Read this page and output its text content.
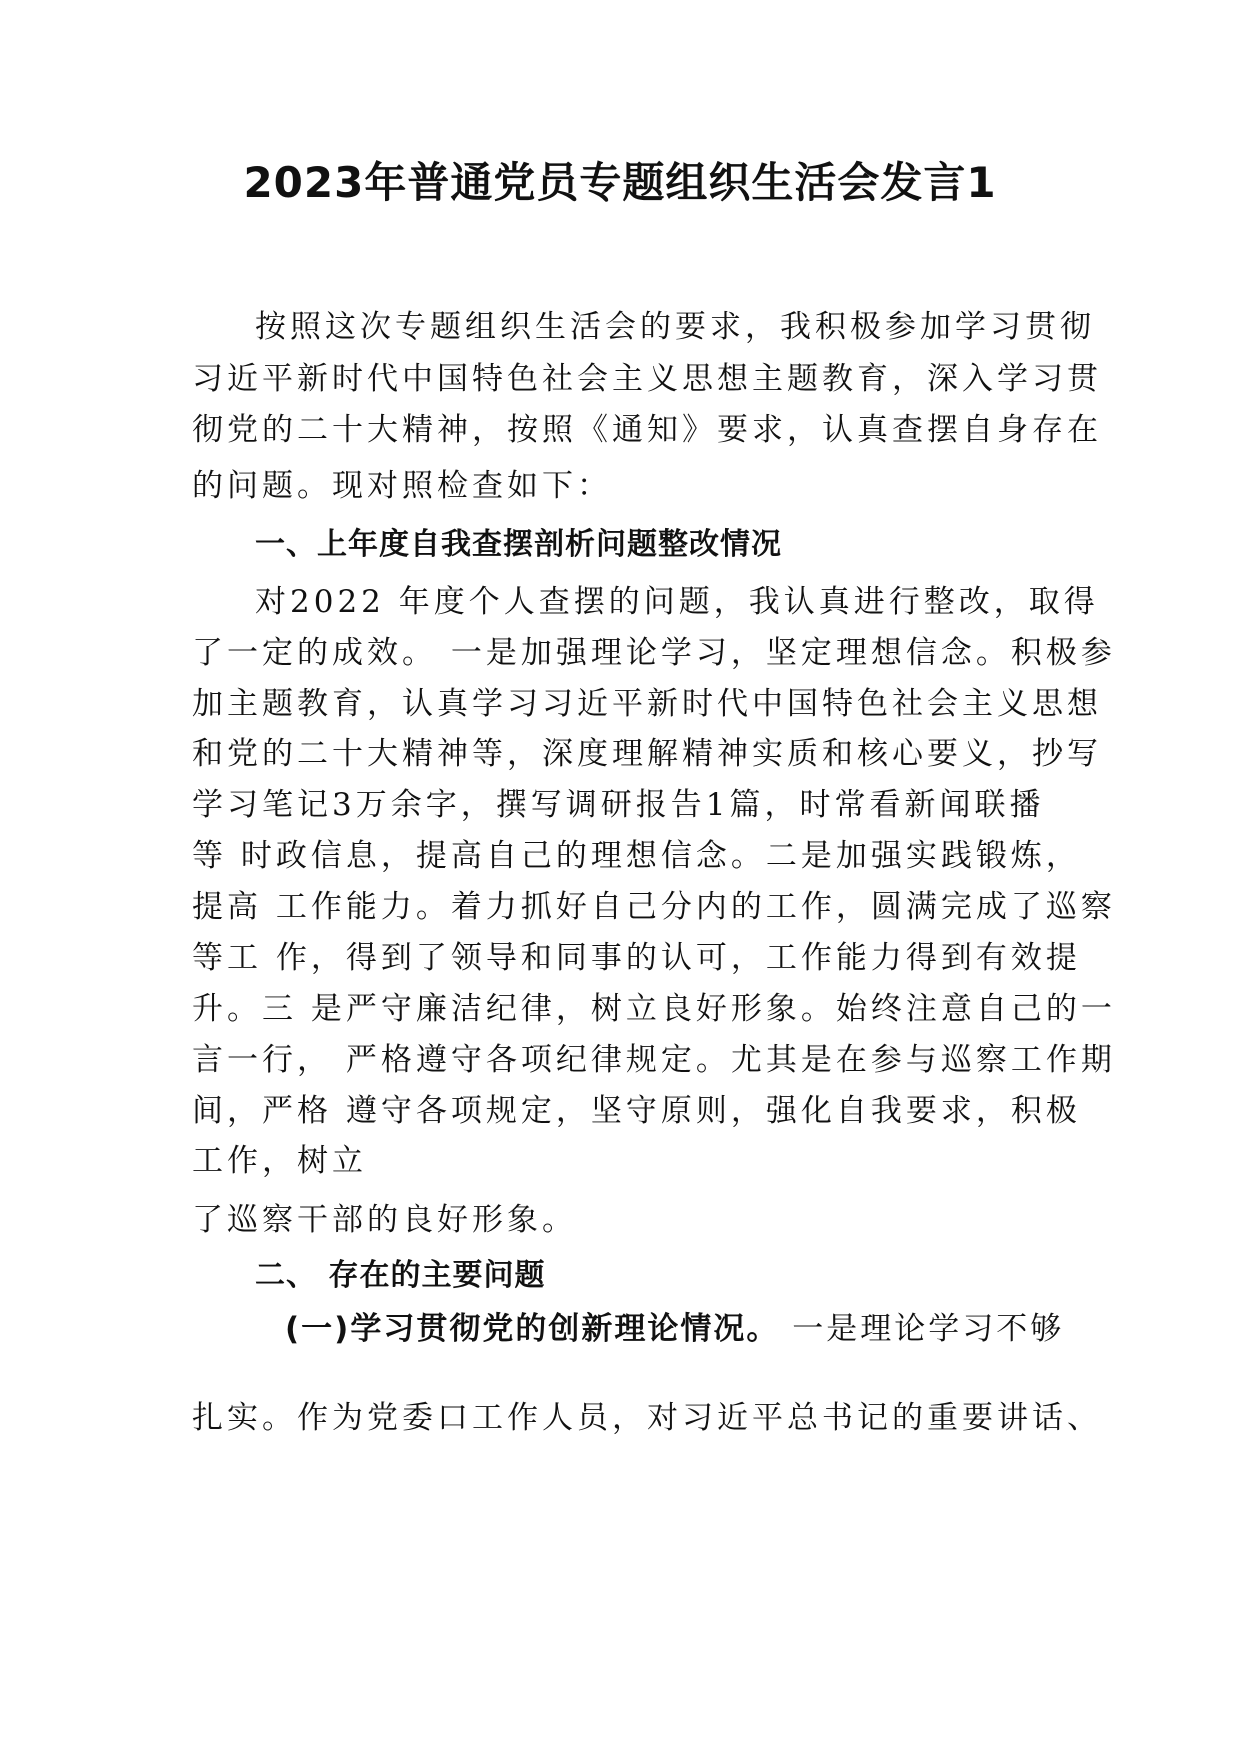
2023年普通党员专题组织生活会发言1
按照这次专题组织生活会的要求，我积极参加学习贯彻
习近平新时代中国特色社会主义思想主题教育，深入学习贯
彻党的二十大精神，按照《通知》要求，认真查摆自身存在
的问题。现对照检查如下：
一、上年度自我查摆剖析问题整改情况
对2022 年度个人查摆的问题，我认真进行整改，取得
了一定的成效。 一是加强理论学习，坚定理想信念。积极参
加主题教育，认真学习习近平新时代中国特色社会主义思想
和党的二十大精神等，深度理解精神实质和核心要义，抄写
学习笔记3万余字，撰写调研报告1篇，时常看新闻联播
等 时政信息，提高自己的理想信念。二是加强实践锻炼，
提高 工作能力。着力抓好自己分内的工作，圆满完成了巡察
等工 作，得到了领导和同事的认可，工作能力得到有效提
升。三 是严守廉洁纪律，树立良好形象。始终注意自己的一
言一行， 严格遵守各项纪律规定。尤其是在参与巡察工作期
间，严格 遵守各项规定，坚守原则，强化自我要求，积极
工作，树立
了巡察干部的良好形象。
二、 存在的主要问题
(一)学习贯彻党的创新理论情况。 一是理论学习不够
扎实。作为党委口工作人员，对习近平总书记的重要讲话、
